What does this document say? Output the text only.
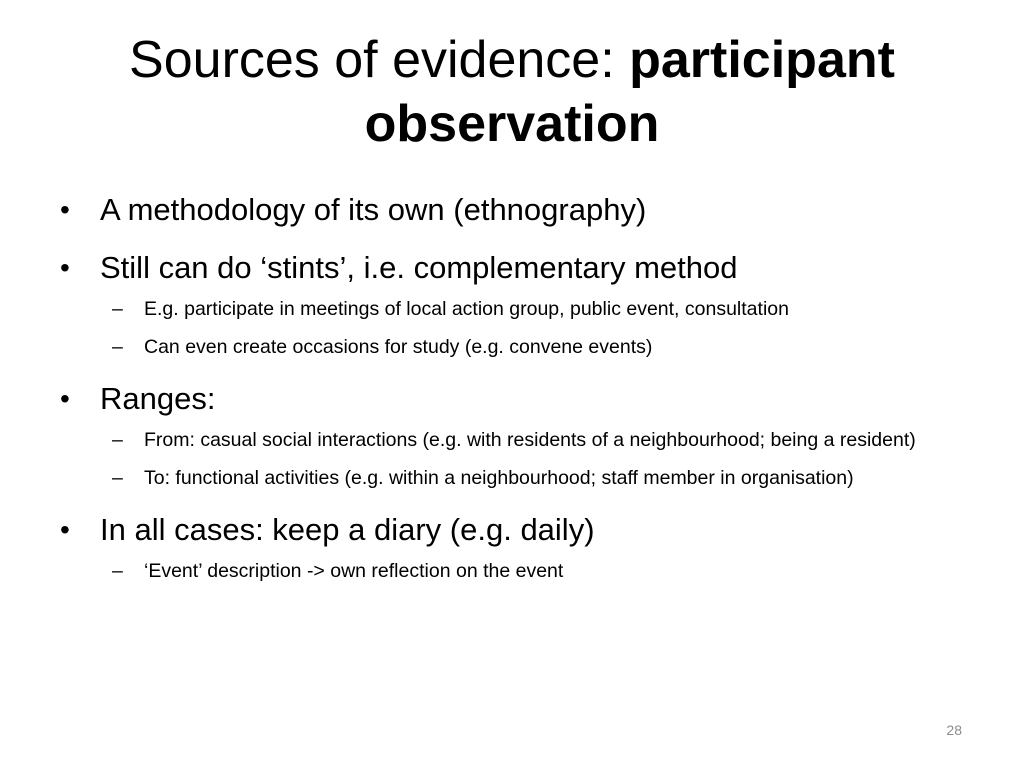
Sources of evidence: participant
observation
• A methodology of its own (ethnography)
• Still can do ‘stints’, i.e. complementary method
–	E.g. participate in meetings of local action group, public event, consultation
–	Can even create occasions for study (e.g. convene events)
• Ranges:
–	From: casual social interactions (e.g. with residents of a neighbourhood; being a resident)
–	To: functional activities (e.g. within a neighbourhood; staff member in organisation)
• In all cases: keep a diary (e.g. daily)
–	‘Event’ description -> own reflection on the event
28
